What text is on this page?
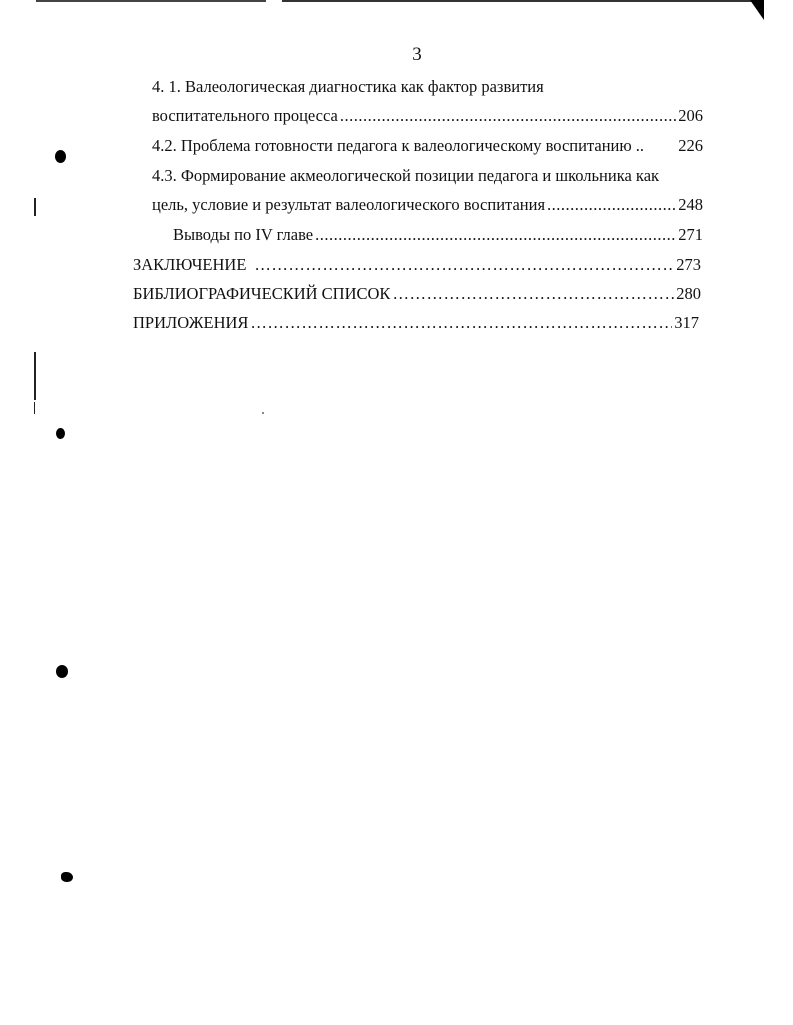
3
4. 1. Валеологическая диагностика как фактор развития
воспитательного процесса .....	206
4.2. Проблема готовности педагога к валеологическому воспитанию .. 226
4.3. Формирование акмеологической позиции педагога и школьника как
цель, условие и результат валеологического воспитания .....	248
Выводы по IV главе .....	271
ЗАКЛЮЧЕНИЕ …………………………………………………………………………………………………………………………………………………………………………………………………	273
БИБЛИОГРАФИЧЕСКИЙ СПИСОК …………………………………………………………………………………………………………………………………………………………………………………………………	280
ПРИЛОЖЕНИЯ …………………………………………………………………………………………………………………………………………………………………………………………………	317
